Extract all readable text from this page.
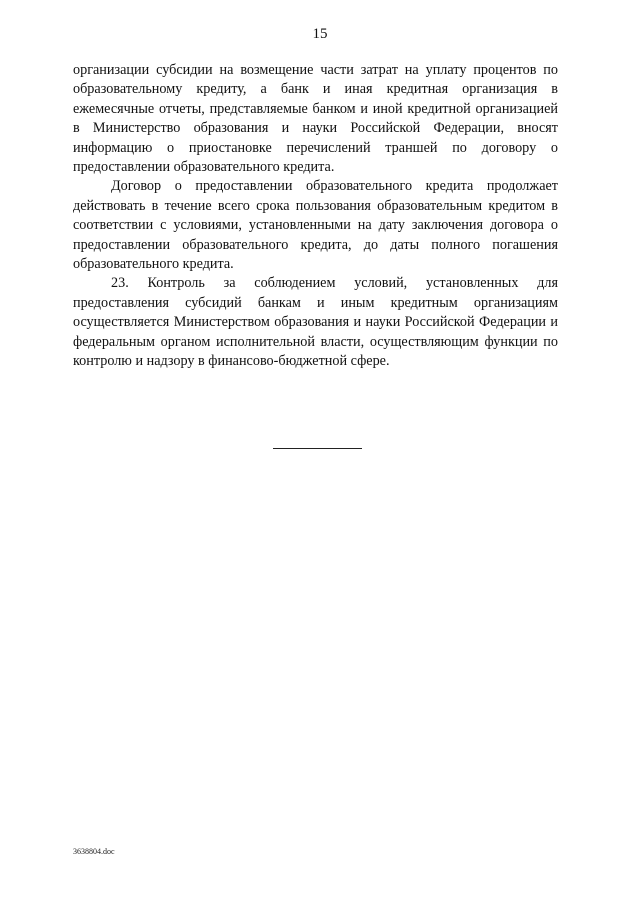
15

организации субсидии на возмещение части затрат на уплату процентов по образовательному кредиту, а банк и иная кредитная организация в ежемесячные отчеты, представляемые банком и иной кредитной организацией в Министерство образования и науки Российской Федерации, вносят информацию о приостановке перечислений траншей по договору о предоставлении образовательного кредита.

Договор о предоставлении образовательного кредита продолжает действовать в течение всего срока пользования образовательным кредитом в соответствии с условиями, установленными на дату заключения договора о предоставлении образовательного кредита, до даты полного погашения образовательного кредита.

23. Контроль за соблюдением условий, установленных для предоставления субсидий банкам и иным кредитным организациям осуществляется Министерством образования и науки Российской Федерации и федеральным органом исполнительной власти, осуществляющим функции по контролю и надзору в финансово-бюджетной сфере.

3638804.doc
